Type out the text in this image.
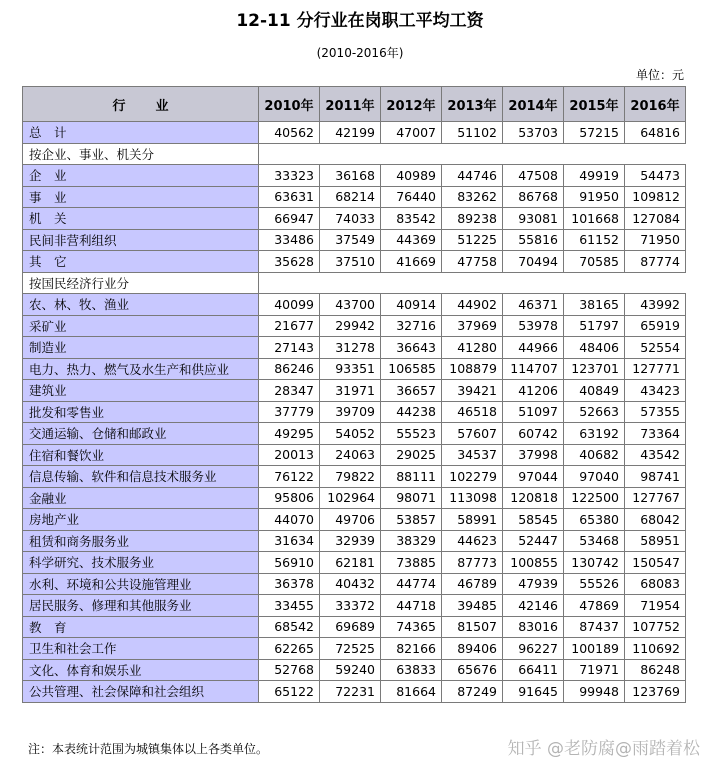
12-11 分行业在岗职工平均工资
(2010-2016年)
单位：元
行业	2010年	2011年	2012年	2013年	2014年	2015年	2016年
总　计	40562	42199	47007	51102	53703	57215	64816
按企业、事业、机关分							
企　业	33323	36168	40989	44746	47508	49919	54473
事　业	63631	68214	76440	83262	86768	91950	109812
机　关	66947	74033	83542	89238	93081	101668	127084
民间非营利组织	33486	37549	44369	51225	55816	61152	71950
其　它	35628	37510	41669	47758	70494	70585	87774
按国民经济行业分							
农、林、牧、渔业	40099	43700	40914	44902	46371	38165	43992
采矿业	21677	29942	32716	37969	53978	51797	65919
制造业	27143	31278	36643	41280	44966	48406	52554
电力、热力、燃气及水生产和供应业	86246	93351	106585	108879	114707	123701	127771
建筑业	28347	31971	36657	39421	41206	40849	43423
批发和零售业	37779	39709	44238	46518	51097	52663	57355
交通运输、仓储和邮政业	49295	54052	55523	57607	60742	63192	73364
住宿和餐饮业	20013	24063	29025	34537	37998	40682	43542
信息传输、软件和信息技术服务业	76122	79822	88111	102279	97044	97040	98741
金融业	95806	102964	98071	113098	120818	122500	127767
房地产业	44070	49706	53857	58991	58545	65380	68042
租赁和商务服务业	31634	32939	38329	44623	52447	53468	58951
科学研究、技术服务业	56910	62181	73885	87773	100855	130742	150547
水利、环境和公共设施管理业	36378	40432	44774	46789	47939	55526	68083
居民服务、修理和其他服务业	33455	33372	44718	39485	42146	47869	71954
教　育	68542	69689	74365	81507	83016	87437	107752
卫生和社会工作	62265	72525	82166	89406	96227	100189	110692
文化、体育和娱乐业	52768	59240	63833	65676	66411	71971	86248
公共管理、社会保障和社会组织	65122	72231	81664	87249	91645	99948	123769
注：本表统计范围为城镇集体以上各类单位。	知乎 @老防腐@雨踏着松
